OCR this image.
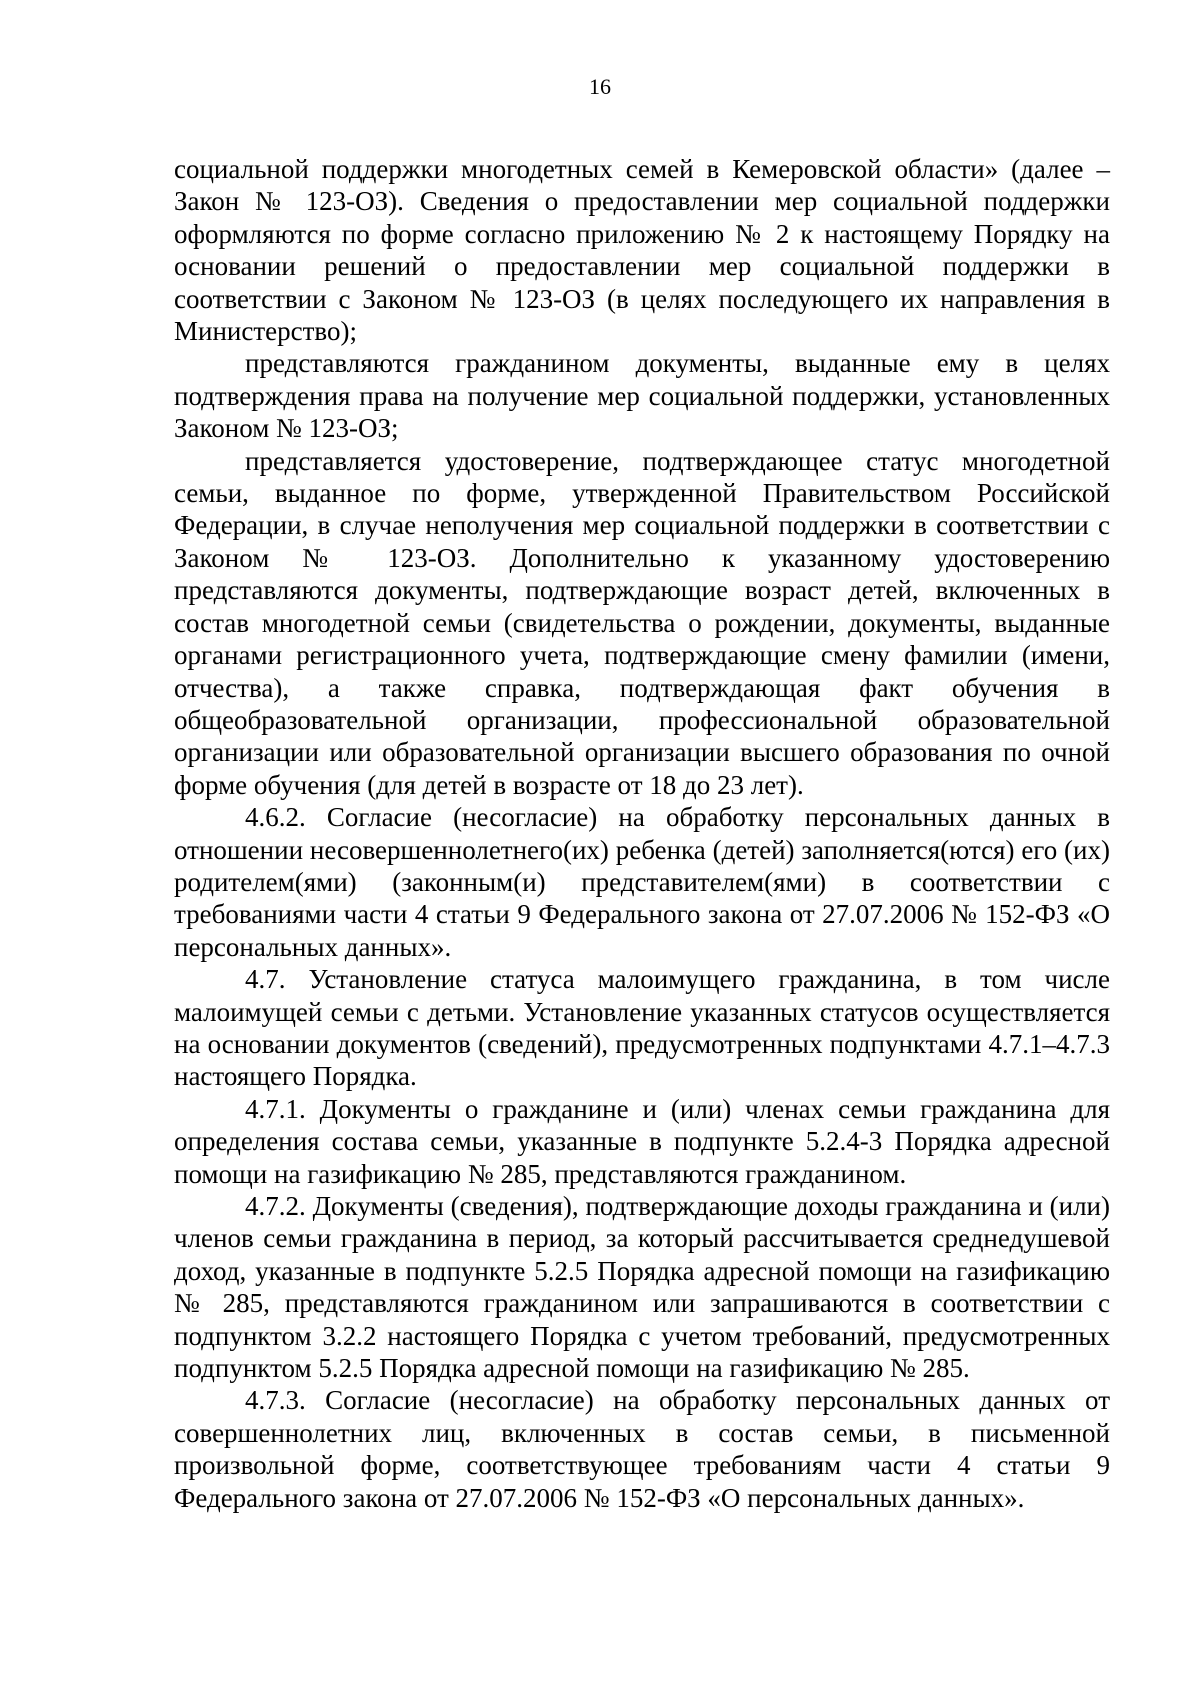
16

социальной поддержки многодетных семей в Кемеровской области» (далее – Закон № 123-ОЗ). Сведения о предоставлении мер социальной поддержки оформляются по форме согласно приложению № 2 к настоящему Порядку на основании решений о предоставлении мер социальной поддержки в соответствии с Законом № 123-ОЗ (в целях последующего их направления в Министерство);

представляются гражданином документы, выданные ему в целях подтверждения права на получение мер социальной поддержки, установленных Законом № 123-ОЗ;

представляется удостоверение, подтверждающее статус многодетной семьи, выданное по форме, утвержденной Правительством Российской Федерации, в случае неполучения мер социальной поддержки в соответствии с Законом № 123-ОЗ. Дополнительно к указанному удостоверению представляются документы, подтверждающие возраст детей, включенных в состав многодетной семьи (свидетельства о рождении, документы, выданные органами регистрационного учета, подтверждающие смену фамилии (имени, отчества), а также справка, подтверждающая факт обучения в общеобразовательной организации, профессиональной образовательной организации или образовательной организации высшего образования по очной форме обучения (для детей в возрасте от 18 до 23 лет).

4.6.2. Согласие (несогласие) на обработку персональных данных в отношении несовершеннолетнего(их) ребенка (детей) заполняется(ются) его (их) родителем(ями) (законным(и) представителем(ями) в соответствии с требованиями части 4 статьи 9 Федерального закона от 27.07.2006 № 152-ФЗ «О персональных данных».

4.7. Установление статуса малоимущего гражданина, в том числе малоимущей семьи с детьми. Установление указанных статусов осуществляется на основании документов (сведений), предусмотренных подпунктами 4.7.1–4.7.3 настоящего Порядка.

4.7.1. Документы о гражданине и (или) членах семьи гражданина для определения состава семьи, указанные в подпункте 5.2.4-3 Порядка адресной помощи на газификацию № 285, представляются гражданином.

4.7.2. Документы (сведения), подтверждающие доходы гражданина и (или) членов семьи гражданина в период, за который рассчитывается среднедушевой доход, указанные в подпункте 5.2.5 Порядка адресной помощи на газификацию № 285, представляются гражданином или запрашиваются в соответствии с подпунктом 3.2.2 настоящего Порядка с учетом требований, предусмотренных подпунктом 5.2.5 Порядка адресной помощи на газификацию № 285.

4.7.3. Согласие (несогласие) на обработку персональных данных от совершеннолетних лиц, включенных в состав семьи, в письменной произвольной форме, соответствующее требованиям части 4 статьи 9 Федерального закона от 27.07.2006 № 152-ФЗ «О персональных данных».
